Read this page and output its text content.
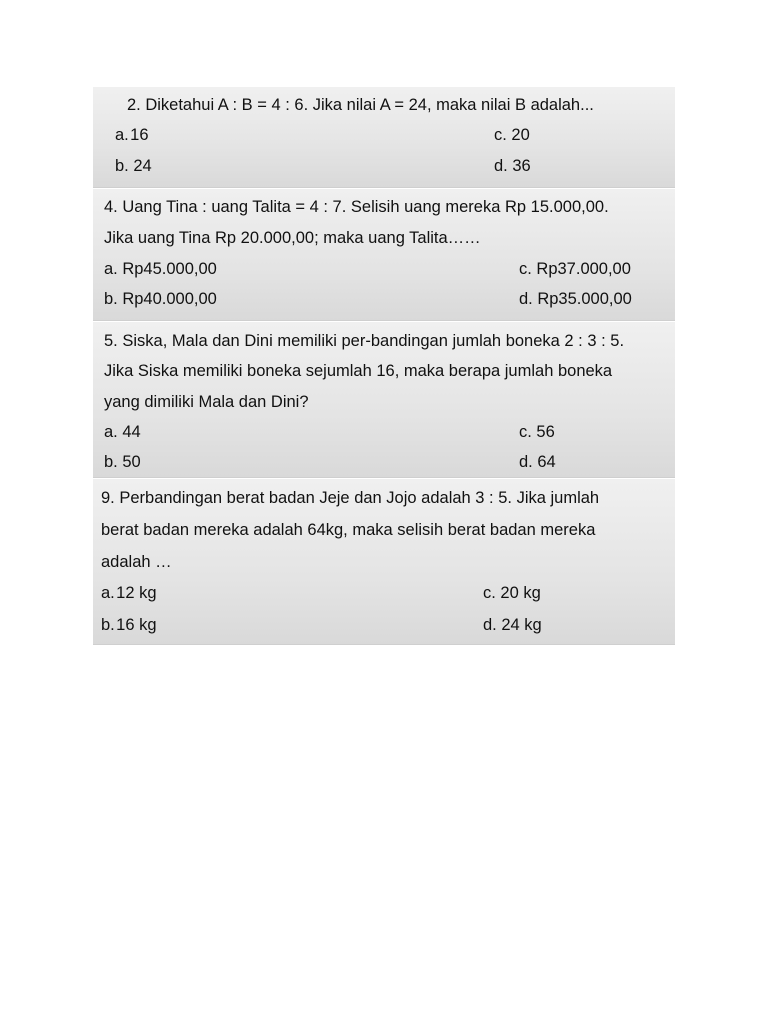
2. Diketahui A : B = 4 : 6. Jika nilai A = 24, maka nilai B adalah...
a. 16	c. 20
b. 24	d. 36
4. Uang Tina : uang Talita = 4 : 7. Selisih uang mereka Rp 15.000,00.
Jika uang Tina Rp 20.000,00; maka uang Talita……
a. Rp45.000,00	c. Rp37.000,00
b. Rp40.000,00	d. Rp35.000,00
5. Siska, Mala dan Dini memiliki per-bandingan jumlah boneka 2 : 3 : 5.
Jika Siska memiliki boneka sejumlah 16, maka berapa jumlah boneka
yang dimiliki Mala dan Dini?
a. 44	c. 56
b. 50	d. 64
9. Perbandingan berat badan Jeje dan Jojo adalah 3 : 5. Jika jumlah
berat badan mereka adalah 64kg, maka selisih berat badan mereka
adalah …
a. 12 kg	c. 20 kg
b. 16 kg	d. 24 kg
